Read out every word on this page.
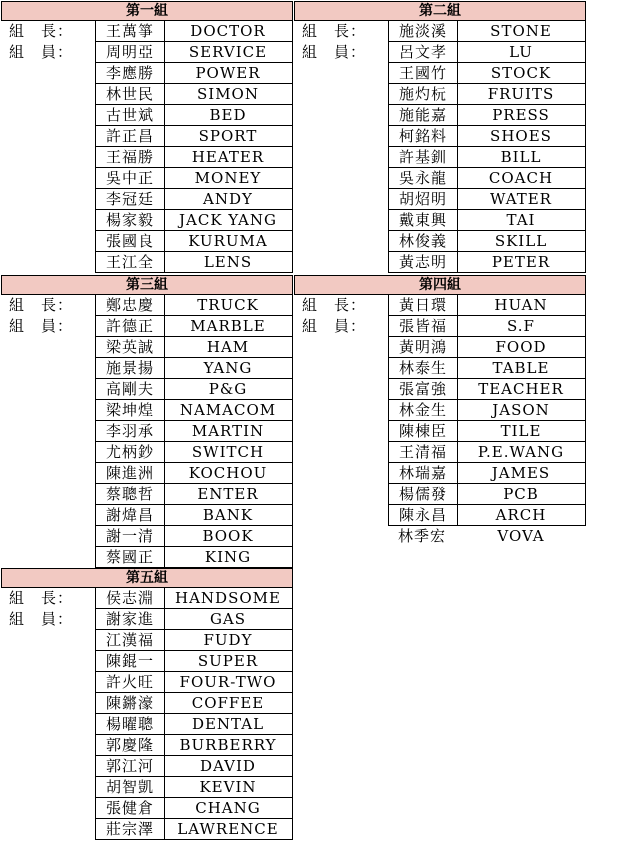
第一組
組　長：	王萬箏	DOCTOR
組　員：	周明亞	SERVICE
李應勝	POWER
林世民	SIMON
古世斌	BED
許正昌	SPORT
王福勝	HEATER
吳中正	MONEY
李冠廷	ANDY
楊家毅	JACK YANG
張國良	KURUMA
王江全	LENS
第二組
組　長：	施淡溪	STONE
組　員：	呂文孝	LU
王國竹	STOCK
施灼杬	FRUITS
施能嘉	PRESS
柯銘料	SHOES
許基釧	BILL
吳永龍	COACH
胡炤明	WATER
戴東興	TAI
林俊義	SKILL
黃志明	PETER
第三組
組　長：	鄭忠慶	TRUCK
組　員：	許德正	MARBLE
梁英誠	HAM
施景揚	YANG
高剛夫	P&G
梁坤煌	NAMACOM
李羽承	MARTIN
尤柄鈔	SWITCH
陳進洲	KOCHOU
蔡聰哲	ENTER
謝煒昌	BANK
謝一清	BOOK
蔡國正	KING
第四組
組　長：	黃日環	HUAN
組　員：	張皆福	S.F
黃明鴻	FOOD
林泰生	TABLE
張富強	TEACHER
林金生	JASON
陳棟臣	TILE
王清福	P.E.WANG
林瑞嘉	JAMES
楊儒發	PCB
陳永昌	ARCH
林季宏	VOVA
第五組
組　長：	侯志淵	HANDSOME
組　員：	謝家進	GAS
江漢福	FUDY
陳錕一	SUPER
許火旺	FOUR-TWO
陳鏘濠	COFFEE
楊曜聰	DENTAL
郭慶隆	BURBERRY
郭江河	DAVID
胡智凱	KEVIN
張健倉	CHANG
莊宗澤	LAWRENCE
